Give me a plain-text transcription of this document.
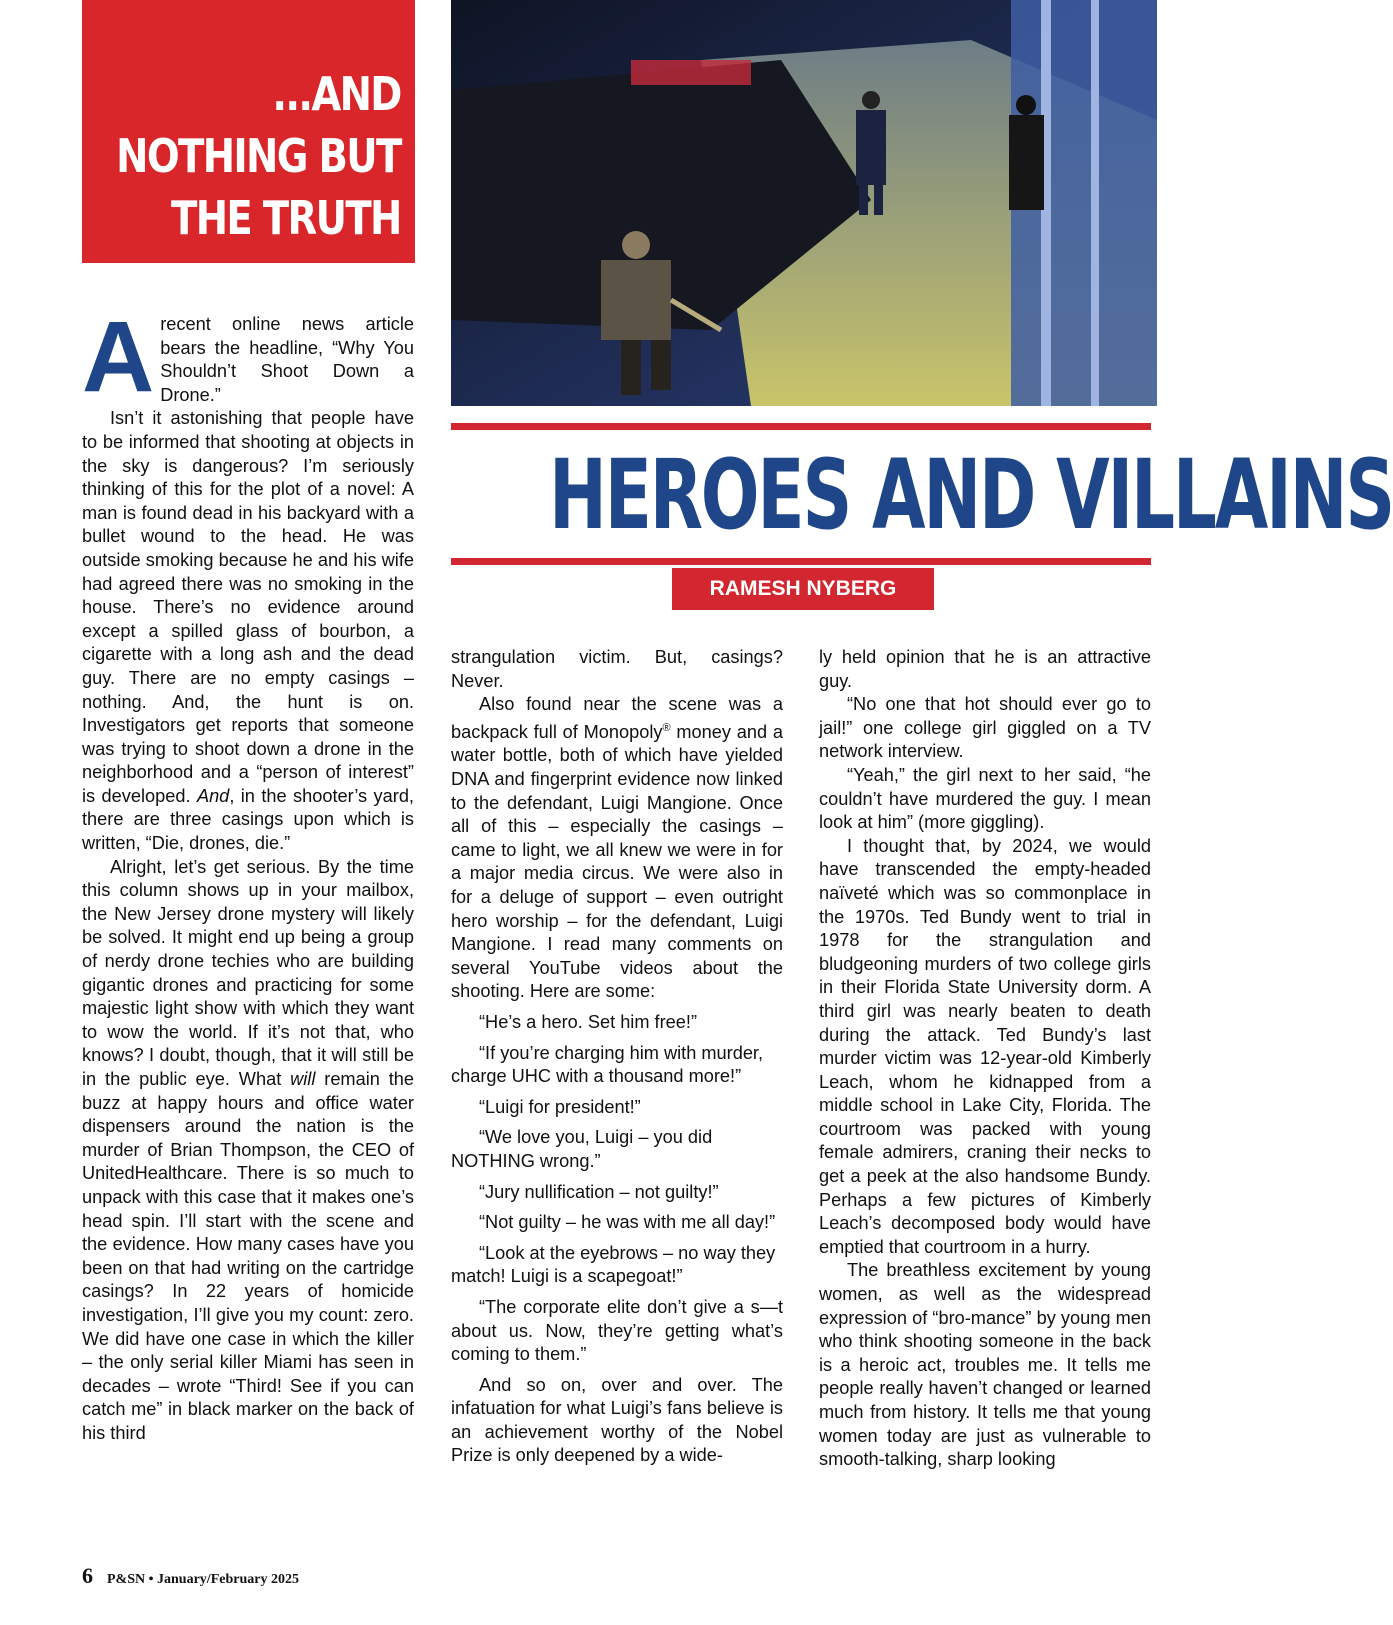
...AND
NOTHING BUT
THE TRUTH
HEROES AND VILLAINS
RAMESH NYBERG

Arecent online news article bears the headline, “Why You Shouldn’t Shoot Down a Drone.”

Isn’t it astonishing that people have to be informed that shooting at objects in the sky is dangerous? I’m seriously thinking of this for the plot of a novel: A man is found dead in his backyard with a bullet wound to the head. He was outside smoking because he and his wife had agreed there was no smoking in the house. There’s no evidence around except a spilled glass of bourbon, a cigarette with a long ash and the dead guy. There are no empty casings – nothing. And, the hunt is on. Investigators get reports that someone was trying to shoot down a drone in the neighborhood and a “person of interest” is developed. And, in the shooter’s yard, there are three casings upon which is written, “Die, drones, die.”

Alright, let’s get serious. By the time this column shows up in your mailbox, the New Jersey drone mystery will likely be solved. It might end up being a group of nerdy drone techies who are building gigantic drones and practicing for some majestic light show with which they want to wow the world. If it’s not that, who knows? I doubt, though, that it will still be in the public eye. What will remain the buzz at happy hours and office water dispensers around the nation is the murder of Brian Thompson, the CEO of UnitedHealthcare. There is so much to unpack with this case that it makes one’s head spin. I’ll start with the scene and the evidence. How many cases have you been on that had writing on the cartridge casings? In 22 years of homicide investigation, I’ll give you my count: zero. We did have one case in which the killer – the only serial killer Miami has seen in decades – wrote “Third! See if you can catch me” in black marker on the back of his third

strangulation victim. But, casings? Never.

Also found near the scene was a backpack full of Monopoly® money and a water bottle, both of which have yielded DNA and fingerprint evidence now linked to the defendant, Luigi Mangione. Once all of this – especially the casings – came to light, we all knew we were in for a major media circus. We were also in for a deluge of support – even outright hero worship – for the defendant, Luigi Mangione. I read many comments on several YouTube videos about the shooting. Here are some:

“He’s a hero. Set him free!”

“If you’re charging him with murder, charge UHC with a thousand more!”

“Luigi for president!”

“We love you, Luigi – you did NOTHING wrong.”

“Jury nullification – not guilty!”

“Not guilty – he was with me all day!”

“Look at the eyebrows – no way they match! Luigi is a scapegoat!”

“The corporate elite don’t give a s—t about us. Now, they’re getting what’s coming to them.”

And so on, over and over. The infatuation for what Luigi’s fans believe is an achievement worthy of the Nobel Prize is only deepened by a wide-

ly held opinion that he is an attractive guy.

“No one that hot should ever go to jail!” one college girl giggled on a TV network interview.

“Yeah,” the girl next to her said, “he couldn’t have murdered the guy. I mean look at him” (more giggling).

I thought that, by 2024, we would have transcended the empty-headed naïveté which was so commonplace in the 1970s. Ted Bundy went to trial in 1978 for the strangulation and bludgeoning murders of two college girls in their Florida State University dorm. A third girl was nearly beaten to death during the attack. Ted Bundy’s last murder victim was 12-year-old Kimberly Leach, whom he kidnapped from a middle school in Lake City, Florida. The courtroom was packed with young female admirers, craning their necks to get a peek at the also handsome Bundy. Perhaps a few pictures of Kimberly Leach’s decomposed body would have emptied that courtroom in a hurry.

The breathless excitement by young women, as well as the widespread expression of “bro-mance” by young men who think shooting someone in the back is a heroic act, troubles me. It tells me people really haven’t changed or learned much from history. It tells me that young women today are just as vulnerable to smooth-talking, sharp looking

6 P&SN • January/February 2025
